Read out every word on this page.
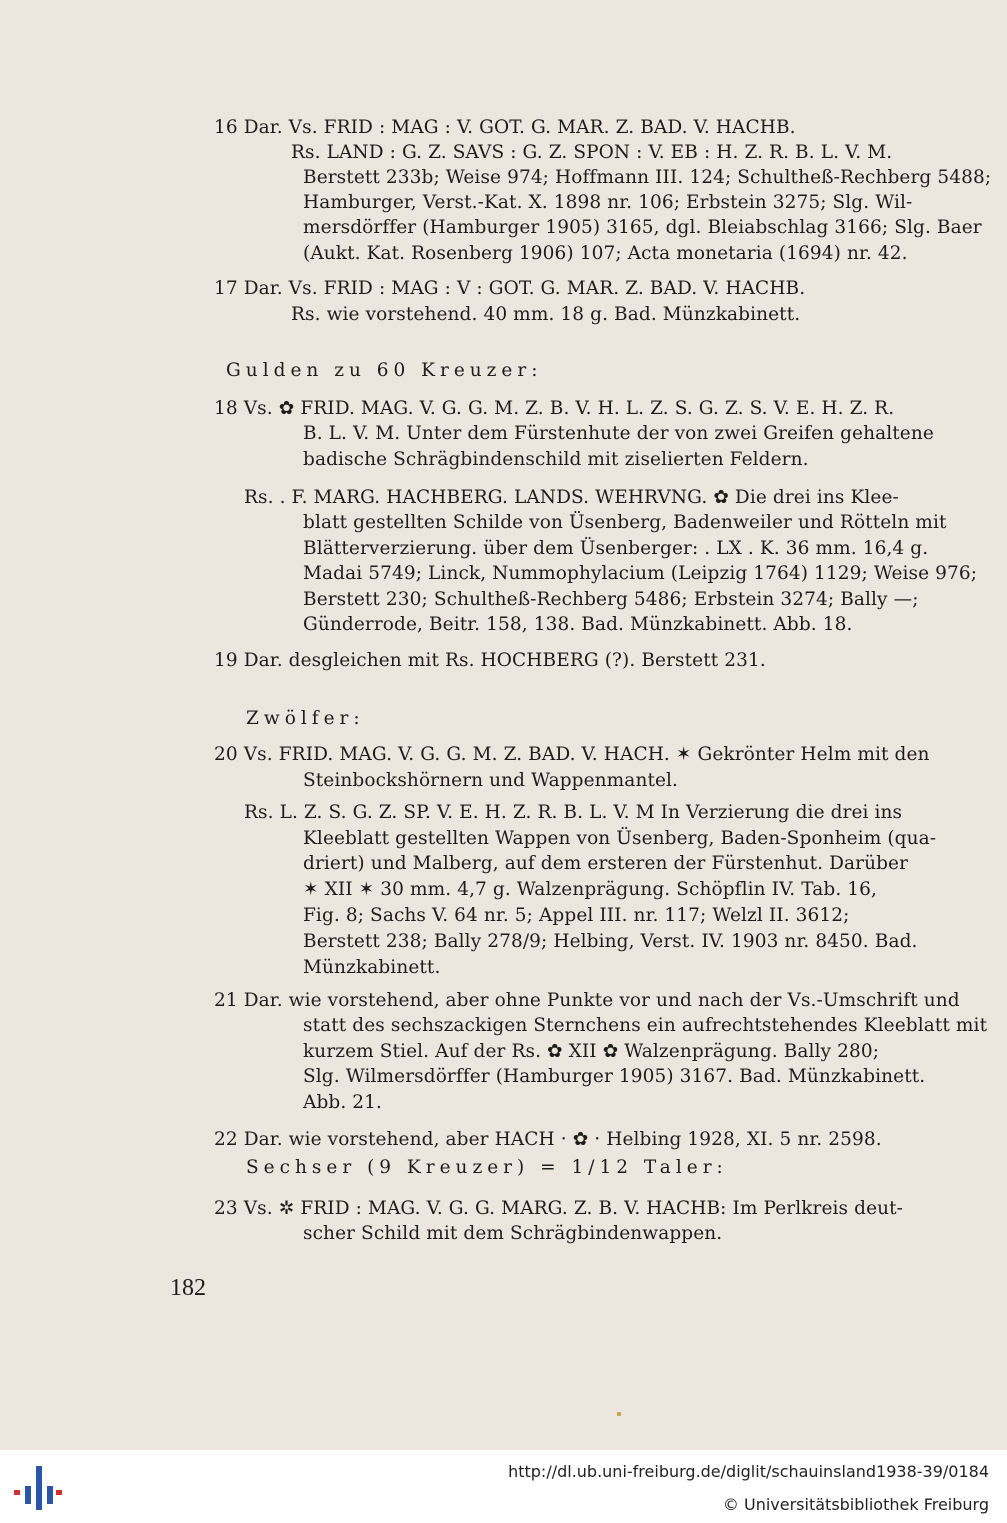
16 Dar. Vs. FRID : MAG : V. GOT. G. MAR. Z. BAD. V. HACHB.
Rs. LAND : G. Z. SAVS : G. Z. SPON : V. EB : H. Z. R. B. L. V. M.
Berstett 233b; Weise 974; Hoffmann III. 124; Schultheß-Rechberg 5488;
Hamburger, Verst.-Kat. X. 1898 nr. 106; Erbstein 3275; Slg. Wil-
mersdörffer (Hamburger 1905) 3165, dgl. Bleiabschlag 3166; Slg. Baer
(Aukt. Kat. Rosenberg 1906) 107; Acta monetaria (1694) nr. 42.
17 Dar. Vs. FRID : MAG : V : GOT. G. MAR. Z. BAD. V. HACHB.
Rs. wie vorstehend. 40 mm. 18 g. Bad. Münzkabinett.
Gulden zu 60 Kreuzer:
18 Vs. ✿ FRID. MAG. V. G. G. M. Z. B. V. H. L. Z. S. G. Z. S. V. E. H. Z. R.
B. L. V. M. Unter dem Fürstenhute der von zwei Greifen gehaltene
badische Schrägbindenschild mit ziselierten Feldern.
Rs. . F. MARG. HACHBERG. LANDS. WEHRVNG. ✿ Die drei ins Klee-
blatt gestellten Schilde von Üsenberg, Badenweiler und Rötteln mit
Blätterverzierung. über dem Üsenberger: . LX . K. 36 mm. 16,4 g.
Madai 5749; Linck, Nummophylacium (Leipzig 1764) 1129; Weise 976;
Berstett 230; Schultheß-Rechberg 5486; Erbstein 3274; Bally —;
Günderrode, Beitr. 158, 138. Bad. Münzkabinett. Abb. 18.
19 Dar. desgleichen mit Rs. HOCHBERG (?). Berstett 231.
Zwölfer:
20 Vs. FRID. MAG. V. G. G. M. Z. BAD. V. HACH. ✶ Gekrönter Helm mit den
Steinbockshörnern und Wappenmantel.
Rs. L. Z. S. G. Z. SP. V. E. H. Z. R. B. L. V. M In Verzierung die drei ins
Kleeblatt gestellten Wappen von Üsenberg, Baden-Sponheim (qua-
driert) und Malberg, auf dem ersteren der Fürstenhut. Darüber
✶ XII ✶ 30 mm. 4,7 g. Walzenprägung. Schöpflin IV. Tab. 16,
Fig. 8; Sachs V. 64 nr. 5; Appel III. nr. 117; Welzl II. 3612;
Berstett 238; Bally 278/9; Helbing, Verst. IV. 1903 nr. 8450. Bad.
Münzkabinett.
21 Dar. wie vorstehend, aber ohne Punkte vor und nach der Vs.-Umschrift und
statt des sechszackigen Sternchens ein aufrechtstehendes Kleeblatt mit
kurzem Stiel. Auf der Rs. ✿ XII ✿ Walzenprägung. Bally 280;
Slg. Wilmersdörffer (Hamburger 1905) 3167. Bad. Münzkabinett.
Abb. 21.
22 Dar. wie vorstehend, aber HACH · ✿ · Helbing 1928, XI. 5 nr. 2598.
Sechser (9 Kreuzer) = 1/12 Taler:
23 Vs. ✲ FRID : MAG. V. G. G. MARG. Z. B. V. HACHB: Im Perlkreis deut-
scher Schild mit dem Schrägbindenwappen.
182
http://dl.ub.uni-freiburg.de/diglit/schauinsland1938-39/0184
© Universitätsbibliothek Freiburg
